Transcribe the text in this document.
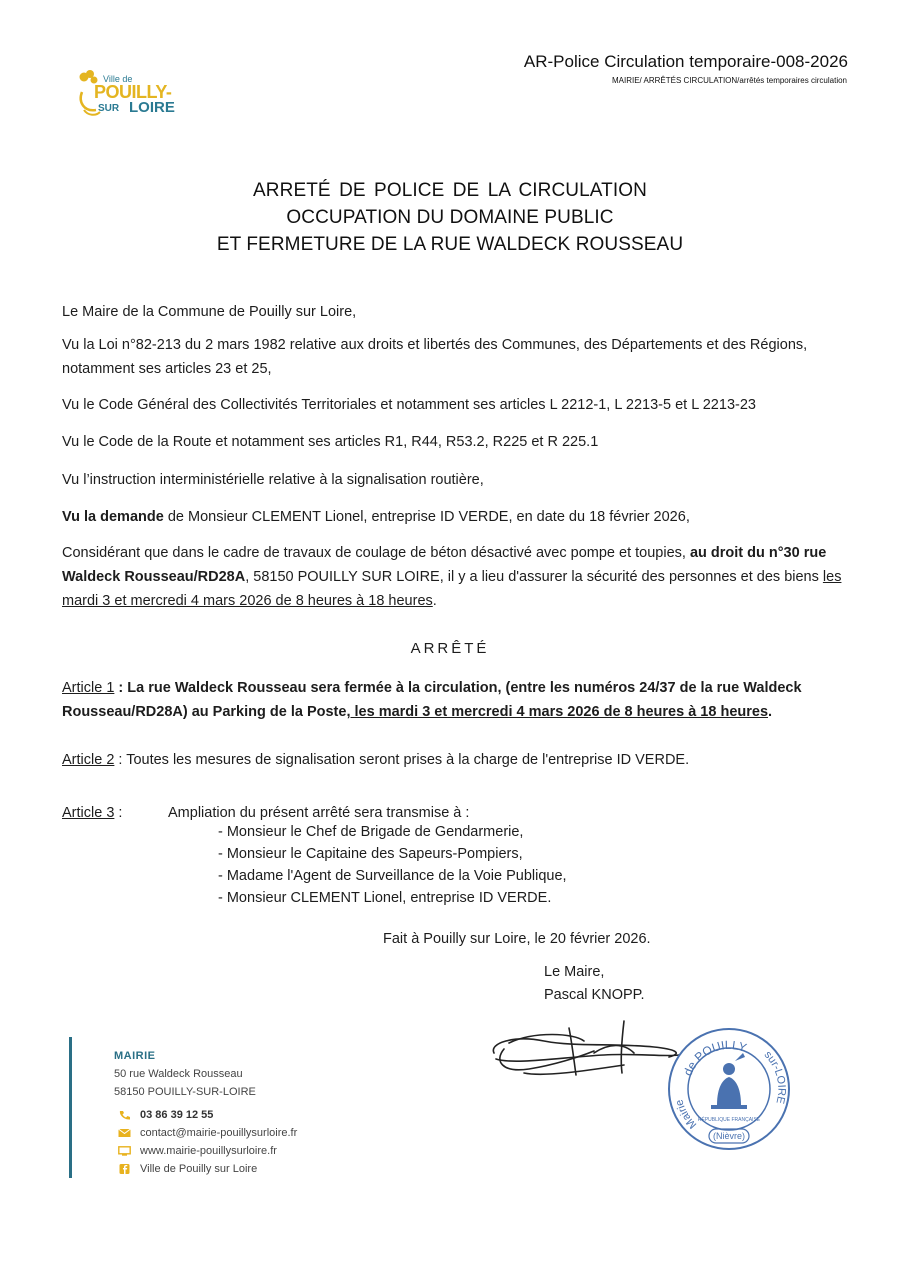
Ville de
POUILLY-
SUR LOIRE
AR-Police Circulation temporaire-008-2026
MAIRIE/ ARRÊTÉS CIRCULATION/arrêtés temporaires circulation
ARRETÉ DE POLICE DE LA CIRCULATION
OCCUPATION DU DOMAINE PUBLIC
ET FERMETURE DE LA RUE WALDECK ROUSSEAU
Le Maire de la Commune de Pouilly sur Loire,
Vu la Loi n°82-213 du 2 mars 1982 relative aux droits et libertés des Communes, des Départements et des Régions, notamment ses articles 23 et 25,
Vu le Code Général des Collectivités Territoriales et notamment ses articles L 2212-1, L 2213-5 et L 2213-23
Vu le Code de la Route et notamment ses articles R1, R44, R53.2, R225 et R 225.1
Vu l’instruction interministérielle relative à la signalisation routière,
Vu la demande de Monsieur CLEMENT Lionel, entreprise ID VERDE, en date du 18 février 2026,
Considérant que dans le cadre de travaux de coulage de béton désactivé avec pompe et toupies, au droit du n°30 rue Waldeck Rousseau/RD28A, 58150 POUILLY SUR LOIRE, il y a lieu d'assurer la sécurité des personnes et des biens les mardi 3 et mercredi 4 mars 2026 de 8 heures à 18 heures.
ARRÊTÉ
Article 1 : La rue Waldeck Rousseau sera fermée à la circulation, (entre les numéros 24/37 de la rue Waldeck Rousseau/RD28A) au Parking de la Poste, les mardi 3 et mercredi 4 mars 2026 de 8 heures à 18 heures.
Article 2 : Toutes les mesures de signalisation seront prises à la charge de l'entreprise ID VERDE.
Article 3 :	Ampliation du présent arrêté sera transmise à :
- Monsieur le Chef de Brigade de Gendarmerie,
- Monsieur le Capitaine des Sapeurs-Pompiers,
- Madame l'Agent de Surveillance de la Voie Publique,
- Monsieur CLEMENT Lionel, entreprise ID VERDE.
Fait à Pouilly sur Loire, le 20 février 2026.
Le Maire,
Pascal KNOPP.
de POUILLY
Mairie
sur-LOIRE
RÉPUBLIQUE FRANÇAISE
(Nièvre)
MAIRIE
50 rue Waldeck Rousseau
58150 POUILLY-SUR-LOIRE
03 86 39 12 55
contact@mairie-pouillysurloire.fr
www.mairie-pouillysurloire.fr
Ville de Pouilly sur Loire
